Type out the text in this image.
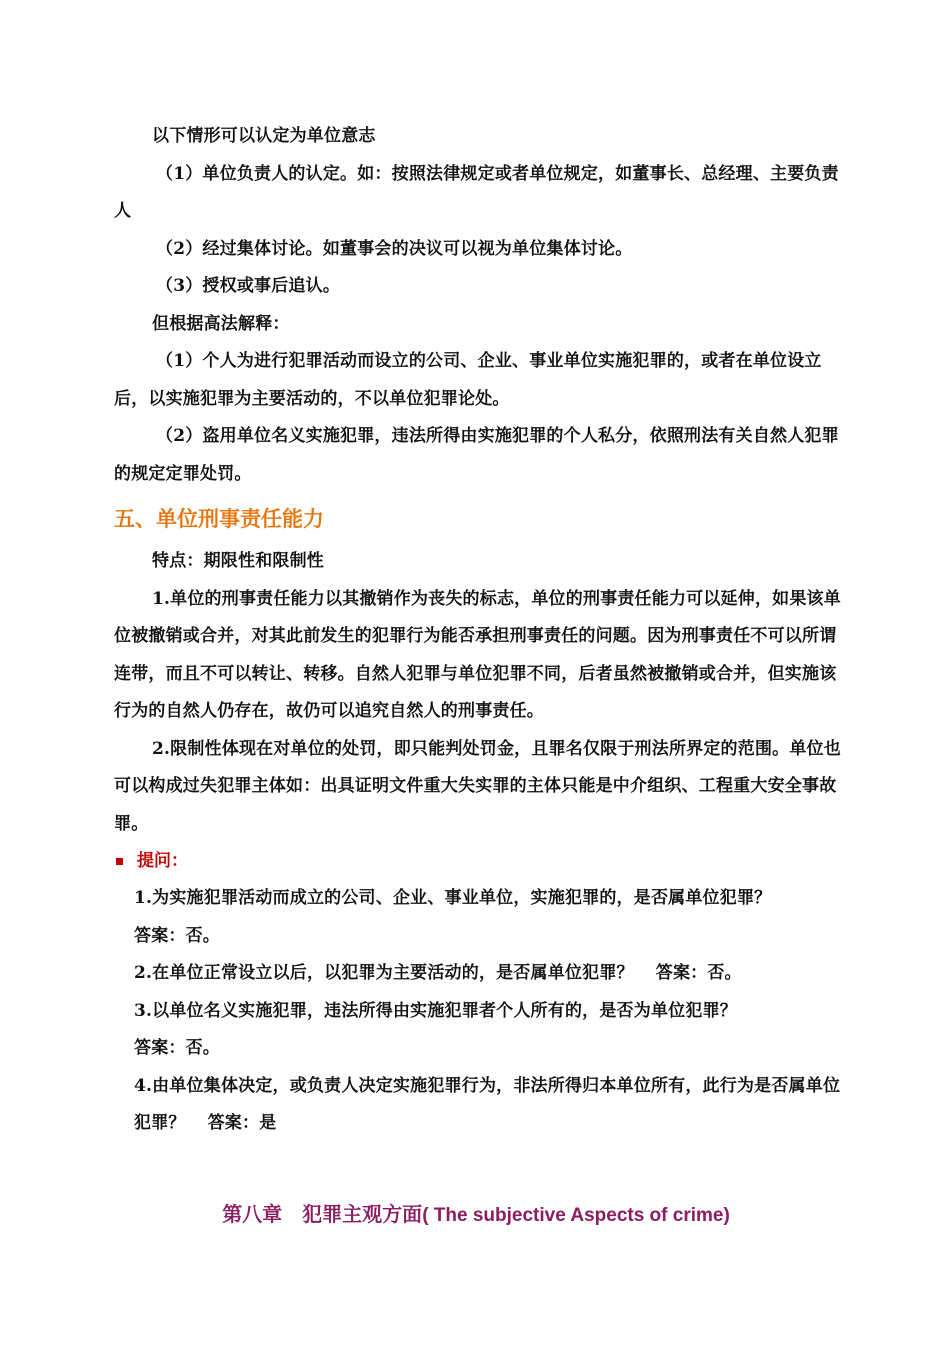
以下情形可以认定为单位意志

（1）单位负责人的认定。如：按照法律规定或者单位规定，如董事长、总经理、主要负责人

（2）经过集体讨论。如董事会的决议可以视为单位集体讨论。

（3）授权或事后追认。

但根据高法解释：

（1）个人为进行犯罪活动而设立的公司、企业、事业单位实施犯罪的，或者在单位设立后，以实施犯罪为主要活动的，不以单位犯罪论处。

（2）盗用单位名义实施犯罪，违法所得由实施犯罪的个人私分，依照刑法有关自然人犯罪的规定定罪处罚。

五、单位刑事责任能力

特点：期限性和限制性

1.单位的刑事责任能力以其撤销作为丧失的标志，单位的刑事责任能力可以延伸，如果该单位被撤销或合并，对其此前发生的犯罪行为能否承担刑事责任的问题。因为刑事责任不可以所谓连带，而且不可以转让、转移。自然人犯罪与单位犯罪不同，后者虽然被撤销或合并，但实施该行为的自然人仍存在，故仍可以追究自然人的刑事责任。

2.限制性体现在对单位的处罚，即只能判处罚金，且罪名仅限于刑法所界定的范围。单位也可以构成过失犯罪主体如：出具证明文件重大失实罪的主体只能是中介组织、工程重大安全事故罪。

提问：

1.为实施犯罪活动而成立的公司、企业、事业单位，实施犯罪的，是否属单位犯罪？

答案：否。

2.在单位正常设立以后，以犯罪为主要活动的，是否属单位犯罪？ 答案：否。

3.以单位名义实施犯罪，违法所得由实施犯罪者个人所有的，是否为单位犯罪？

答案：否。

4.由单位集体决定，或负责人决定实施犯罪行为，非法所得归本单位所有，此行为是否属单位犯罪？ 答案：是

第八章　犯罪主观方面( The subjective Aspects of crime)
